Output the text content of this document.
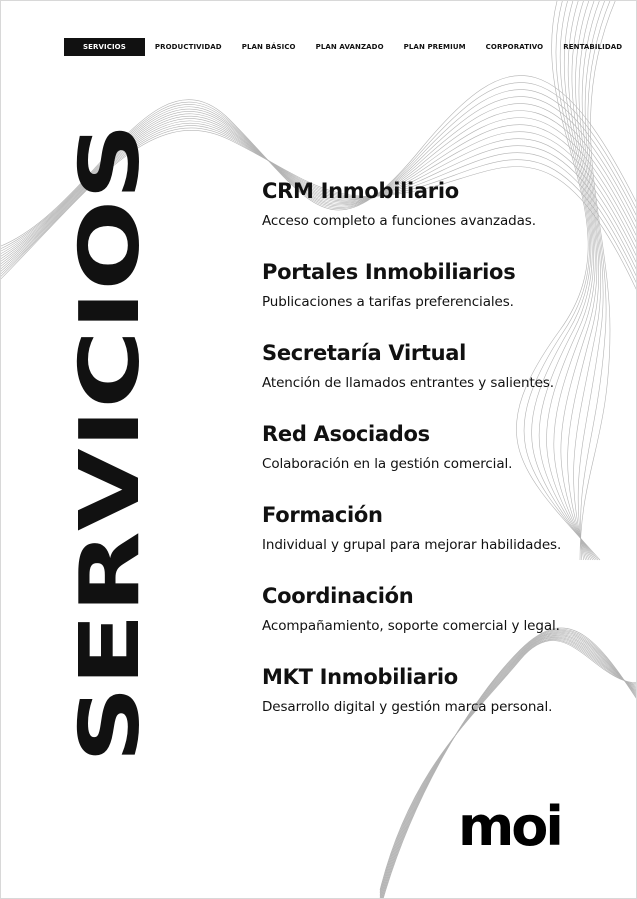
SERVICIOS	PRODUCTIVIDAD	PLAN BÁSICO	PLAN AVANZADO	PLAN PREMIUM	CORPORATIVO	RENTABILIDAD
SERVICIOS
CRM Inmobiliario
Acceso completo a funciones avanzadas.
Portales Inmobiliarios
Publicaciones a tarifas preferenciales.
Secretaría Virtual
Atención de llamados entrantes y salientes.
Red Asociados
Colaboración en la gestión comercial.
Formación
Individual y grupal para mejorar habilidades.
Coordinación
Acompañamiento, soporte comercial y legal.
MKT Inmobiliario
Desarrollo digital y gestión marca personal.
moi
